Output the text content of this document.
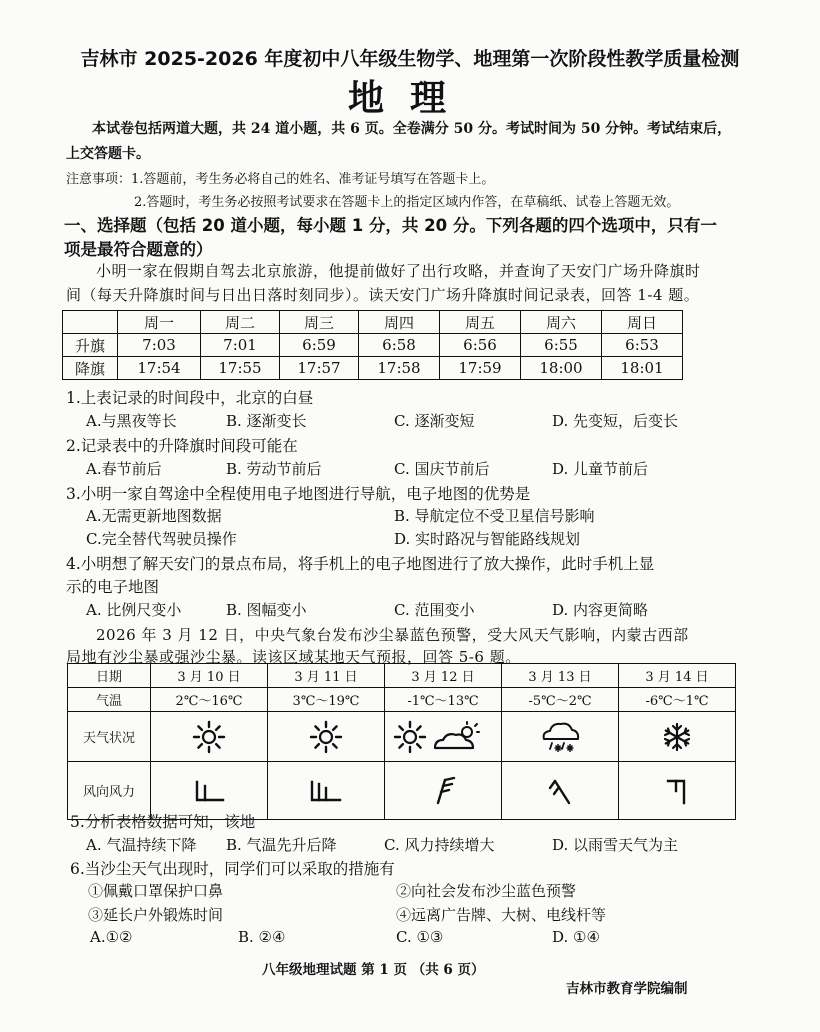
吉林市 2025-2026 年度初中八年级生物学、地理第一次阶段性教学质量检测
地理
本试卷包括两道大题，共 24 道小题，共 6 页。全卷满分 50 分。考试时间为 50 分钟。考试结束后，
上交答题卡。
注意事项：1.答题前，考生务必将自己的姓名、准考证号填写在答题卡上。
2.答题时，考生务必按照考试要求在答题卡上的指定区域内作答，在草稿纸、试卷上答题无效。
一、选择题（包括 20 道小题，每小题 1 分，共 20 分。下列各题的四个选项中，只有一
项是最符合题意的）
小明一家在假期自驾去北京旅游，他提前做好了出行攻略，并查询了天安门广场升降旗时
间（每天升降旗时间与日出日落时刻同步）。读天安门广场升降旗时间记录表，回答 1-4 题。
	周一	周二	周三	周四	周五	周六	周日
升旗	7:03	7:01	6:59	6:58	6:56	6:55	6:53
降旗	17:54	17:55	17:57	17:58	17:59	18:00	18:01
1.上表记录的时间段中，北京的白昼
A.与黑夜等长	B. 逐渐变长	C. 逐渐变短	D. 先变短，后变长
2.记录表中的升降旗时间段可能在
A.春节前后	B. 劳动节前后	C. 国庆节前后	D. 儿童节前后
3.小明一家自驾途中全程使用电子地图进行导航，电子地图的优势是
A.无需更新地图数据	B. 导航定位不受卫星信号影响
C.完全替代驾驶员操作	D. 实时路况与智能路线规划
4.小明想了解天安门的景点布局，将手机上的电子地图进行了放大操作，此时手机上显
示的电子地图
A. 比例尺变小	B. 图幅变小	C. 范围变小	D. 内容更简略
2026 年 3 月 12 日，中央气象台发布沙尘暴蓝色预警，受大风天气影响，内蒙古西部
局地有沙尘暴或强沙尘暴。读该区域某地天气预报，回答 5-6 题。
日期	3 月 10 日	3 月 11 日	3 月 12 日	3 月 13 日	3 月 14 日
气温	2℃～16℃	3℃～19℃	-1℃～13℃	-5℃～2℃	-6℃～1℃
天气状况	

风向风力	

5.分析表格数据可知，该地
A. 气温持续下降 B. 气温先升后降	C. 风力持续增大	D. 以雨雪天气为主
6.当沙尘天气出现时，同学们可以采取的措施有
①佩戴口罩保护口鼻	②向社会发布沙尘蓝色预警
③延长户外锻炼时间	④远离广告牌、大树、电线杆等
A.①②	B. ②④	C. ①③	D. ①④
八年级地理试题 第 1 页 （共 6 页）
吉林市教育学院编制
